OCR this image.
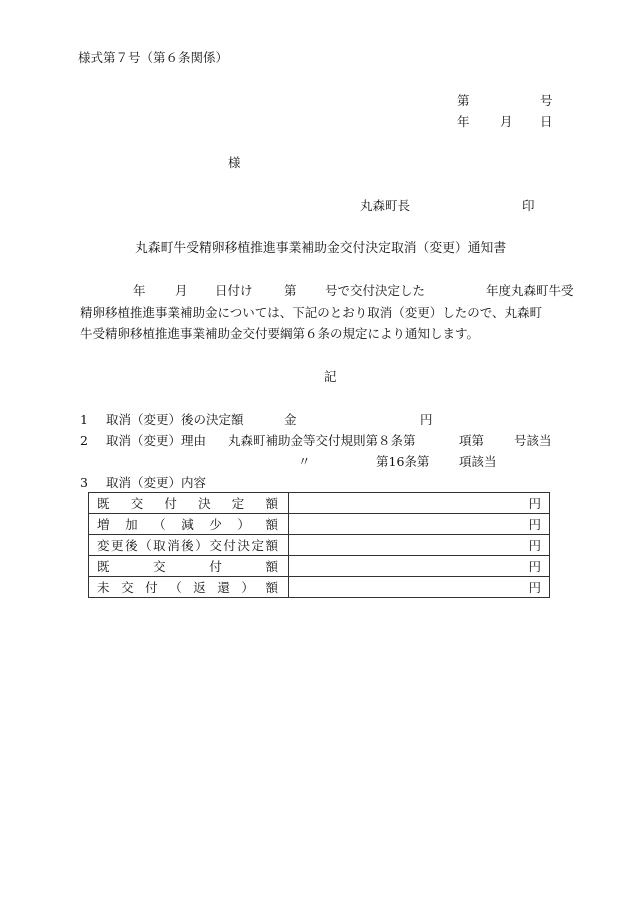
様式第７号（第６条関係）
第	号
年 月 日
様
丸森町長	印
丸森町牛受精卵移植推進事業補助金交付決定取消（変更）通知書
年 月 日付け	第 号で交付決定した	年度丸森町牛受
精卵移植推進事業補助金については、下記のとおり取消（変更）したので、丸森町
牛受精卵移植推進事業補助金交付要綱第６条の規定により通知します。
記
1 取消（変更）後の決定額	金	円
2 取消（変更）理由 丸森町補助金等交付規則第８条第	項第 号該当
〃	第16条第 項該当
3 取消（変更）内容
既交付決定額	円
増加（減少）額	円
変更後（取消後）交付決定額	円
既交付額	円
未交付（返還）額	円
